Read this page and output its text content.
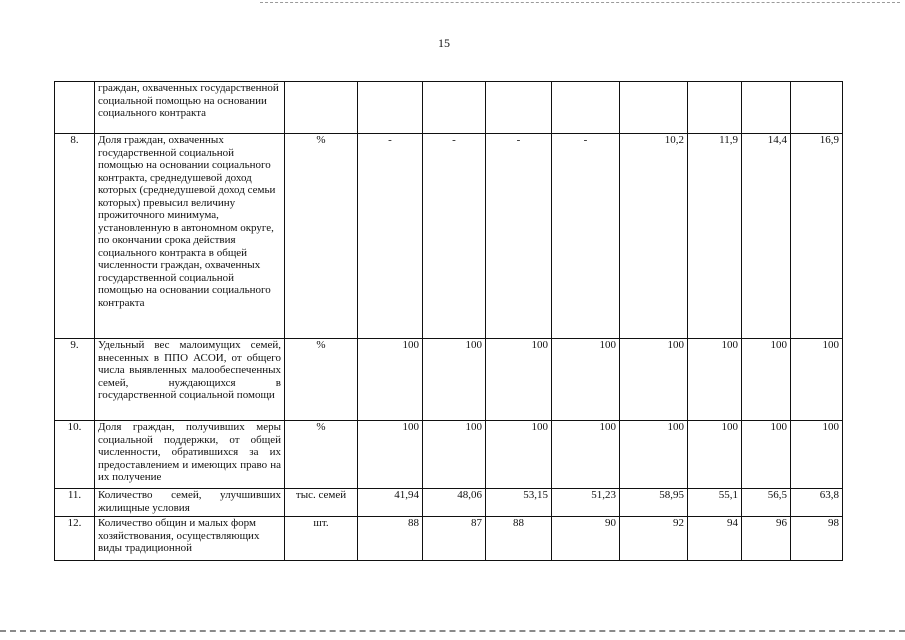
15
	граждан, охваченных государственной социальной помощью на основании социального контракта									
8.	Доля граждан, охваченных государственной социальной помощью на основании социального контракта, среднедушевой доход которых (среднедушевой доход семьи которых) превысил величину прожиточного минимума, установленную в автономном округе, по окончании срока действия социального контракта в общей численности граждан, охваченных государственной социальной помощью на основании социального контракта	%	-	-	-	-	10,2	11,9	14,4	16,9
9.	Удельный вес малоимущих семей, внесенных в ППО АСОИ, от общего числа выявленных малообеспеченных семей, нуждающихся в государственной социальной помощи	%	100	100	100	100	100	100	100	100
10.	Доля граждан, получивших меры социальной поддержки, от общей численности, обратившихся за их предоставлением и имеющих право на их получение	%	100	100	100	100	100	100	100	100
11.	Количество семей, улучшивших жилищные условия	тыс. семей	41,94	48,06	53,15	51,23	58,95	55,1	56,5	63,8
12.	Количество общин и малых форм хозяйствования, осуществляющих виды традиционной	шт.	88	87	88	90	92	94	96	98
